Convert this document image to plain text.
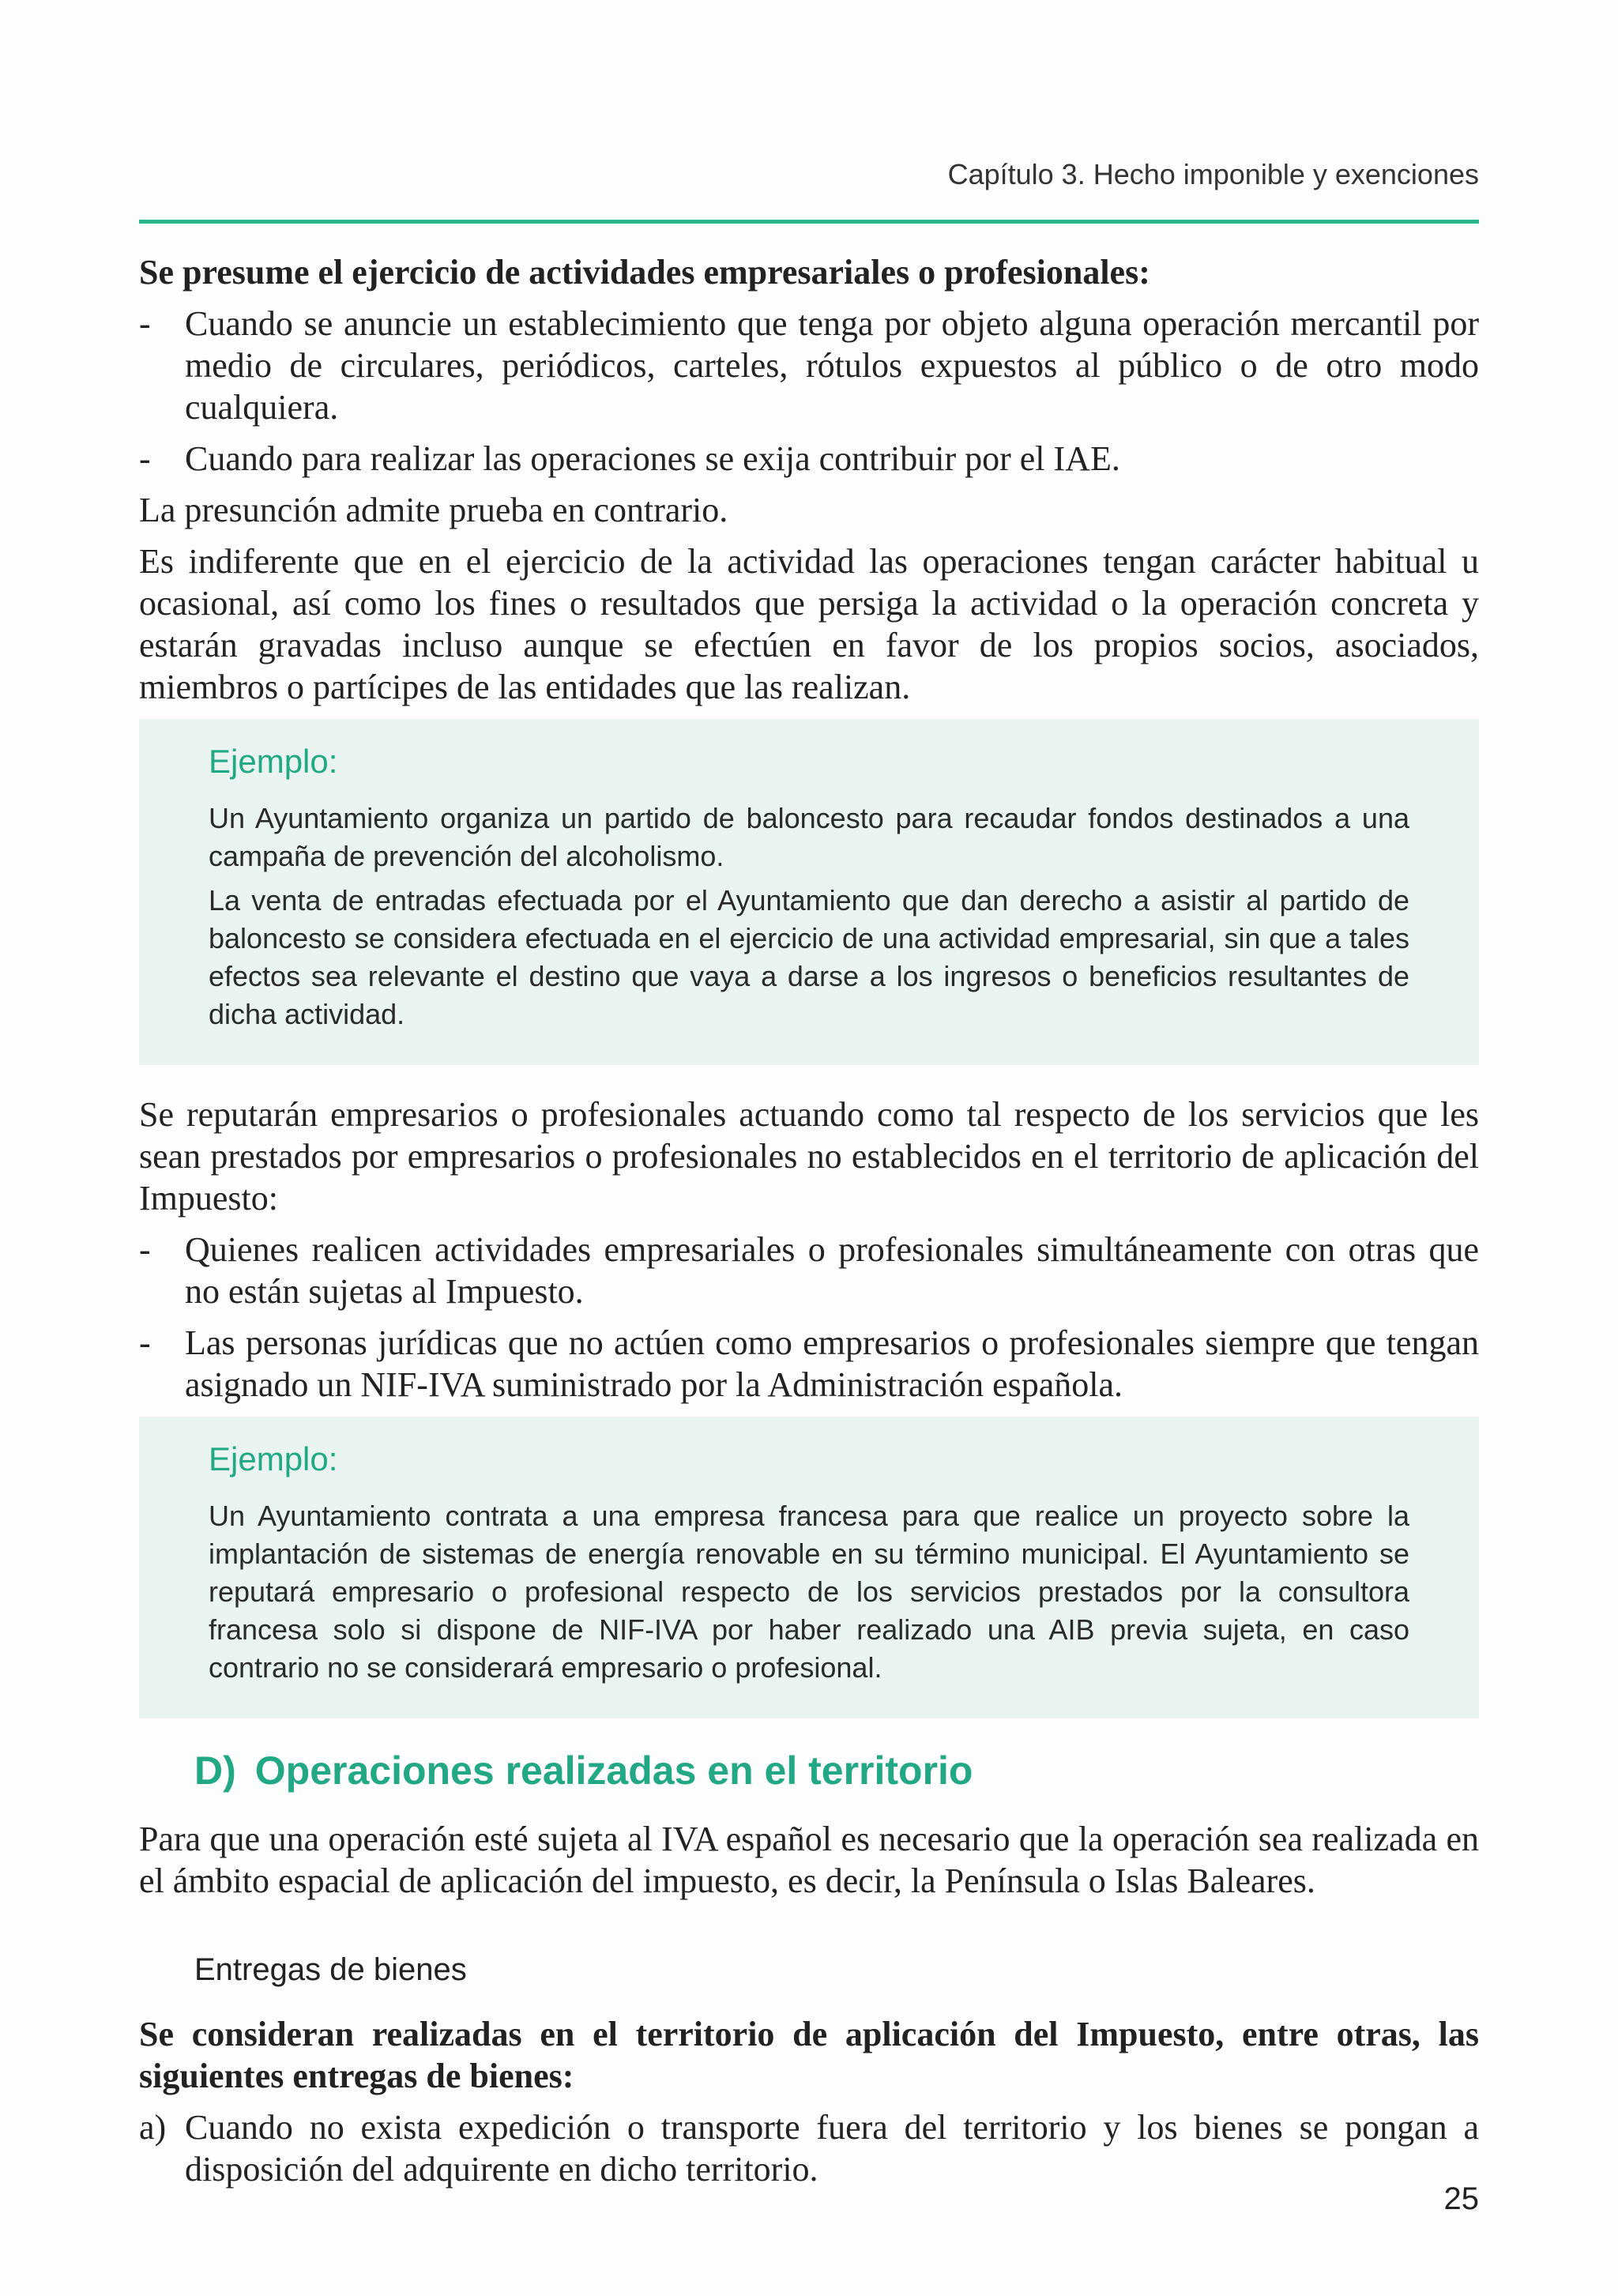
Capítulo 3. Hecho imponible y exenciones

Se presume el ejercicio de actividades empresariales o profesionales:

- Cuando se anuncie un establecimiento que tenga por objeto alguna operación mercantil por medio de circulares, periódicos, carteles, rótulos expuestos al público o de otro modo cualquiera.
- Cuando para realizar las operaciones se exija contribuir por el IAE.

La presunción admite prueba en contrario.

Es indiferente que en el ejercicio de la actividad las operaciones tengan carácter habitual u ocasional, así como los fines o resultados que persiga la actividad o la operación concreta y estarán gravadas incluso aunque se efectúen en favor de los propios socios, asociados, miembros o partícipes de las entidades que las realizan.

Ejemplo:

Un Ayuntamiento organiza un partido de baloncesto para recaudar fondos destinados a una campaña de prevención del alcoholismo.

La venta de entradas efectuada por el Ayuntamiento que dan derecho a asistir al partido de baloncesto se considera efectuada en el ejercicio de una actividad empresarial, sin que a tales efectos sea relevante el destino que vaya a darse a los ingresos o beneficios resultantes de dicha actividad.

Se reputarán empresarios o profesionales actuando como tal respecto de los servicios que les sean prestados por empresarios o profesionales no establecidos en el territorio de aplicación del Impuesto:

- Quienes realicen actividades empresariales o profesionales simultáneamente con otras que no están sujetas al Impuesto.
- Las personas jurídicas que no actúen como empresarios o profesionales siempre que tengan asignado un NIF-IVA suministrado por la Administración española.
Ejemplo:

Un Ayuntamiento contrata a una empresa francesa para que realice un proyecto sobre la implantación de sistemas de energía renovable en su término municipal. El Ayuntamiento se reputará empresario o profesional respecto de los servicios prestados por la consultora francesa solo si dispone de NIF-IVA por haber realizado una AIB previa sujeta, en caso contrario no se considerará empresario o profesional.

D) Operaciones realizadas en el territorio

Para que una operación esté sujeta al IVA español es necesario que la operación sea realizada en el ámbito espacial de aplicación del impuesto, es decir, la Península o Islas Baleares.

Entregas de bienes

Se consideran realizadas en el territorio de aplicación del Impuesto, entre otras, las siguientes entregas de bienes:

a) Cuando no exista expedición o transporte fuera del territorio y los bienes se pongan a disposición del adquirente en dicho territorio.
25
